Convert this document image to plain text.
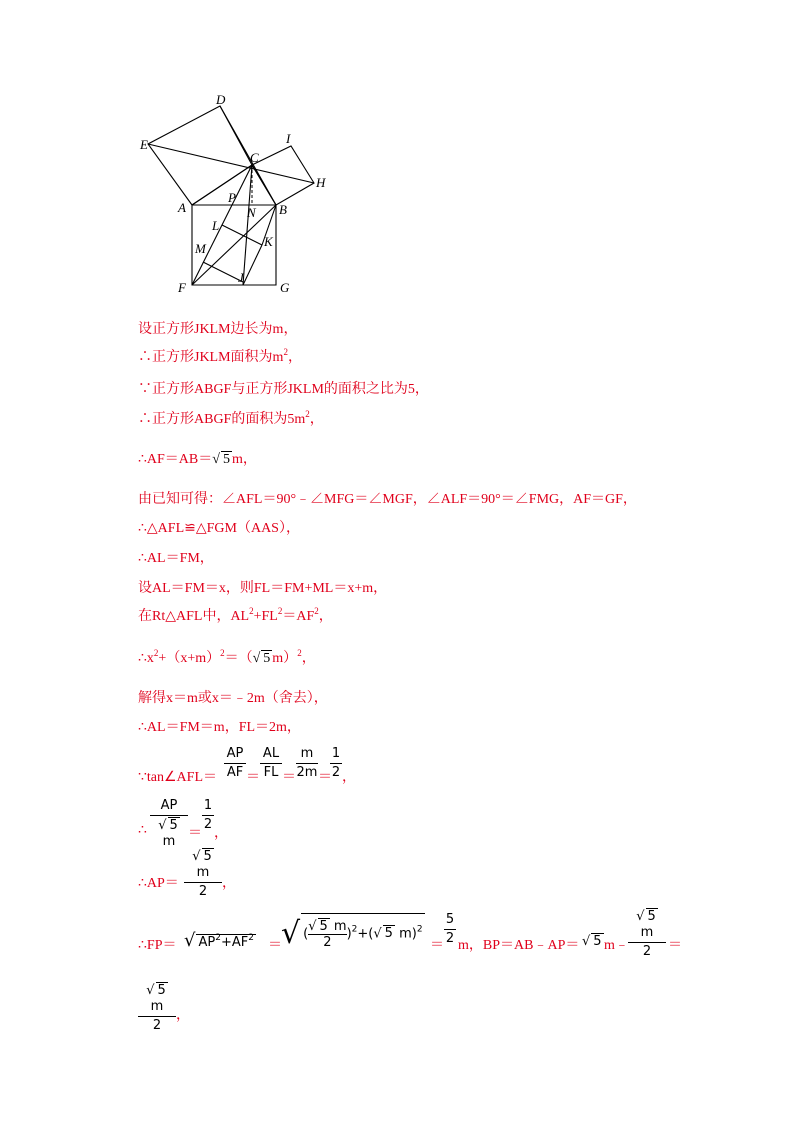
D
E
C
I
H
P
A	N B
L
K
M
F
J
G
设正方形JKLM边长为m，
∴正方形JKLM面积为$m^2$，
∵正方形ABGF与正方形JKLM的面积之比为5，
∴正方形ABGF的面积为$5m^2$，
∴AF＝AB＝√ 5 m，
由已知可得：∠AFL＝90°﹣∠MFG＝∠MGF，∠ALF＝90°＝∠FMG，AF＝GF，
∴△AFL≌△FGM（AAS），
∴AL＝FM，
设AL＝FM＝x，则FL＝FM+ML＝x+m，
在Rt△AFL中，$AL^2+FL^2=AF^2$，
$\therefore x^2+(x+m)^2=(√$ 5 m）$^2$，
解得x＝m或x＝﹣2m（舍去），
∴AL＝FM＝m，FL＝2m，
∵tan∠AFL＝
AP
AF ＝
AL
FL ＝
m
2m ＝
1
2 ，
∴
AP
√ 5 m
＝
1
2
，
∴AP＝
√ 5 m
2
，
∴FP＝ √ $AP^2+AF^2$ ＝ √ ( $\frac{√ 5 m}{2} )^2+(√$ 5 m)$^2$
＝
5
2 m，BP＝AB﹣AP＝ √ 5 m﹣
√ 5 m
2	＝
√ 5 m
2
，
